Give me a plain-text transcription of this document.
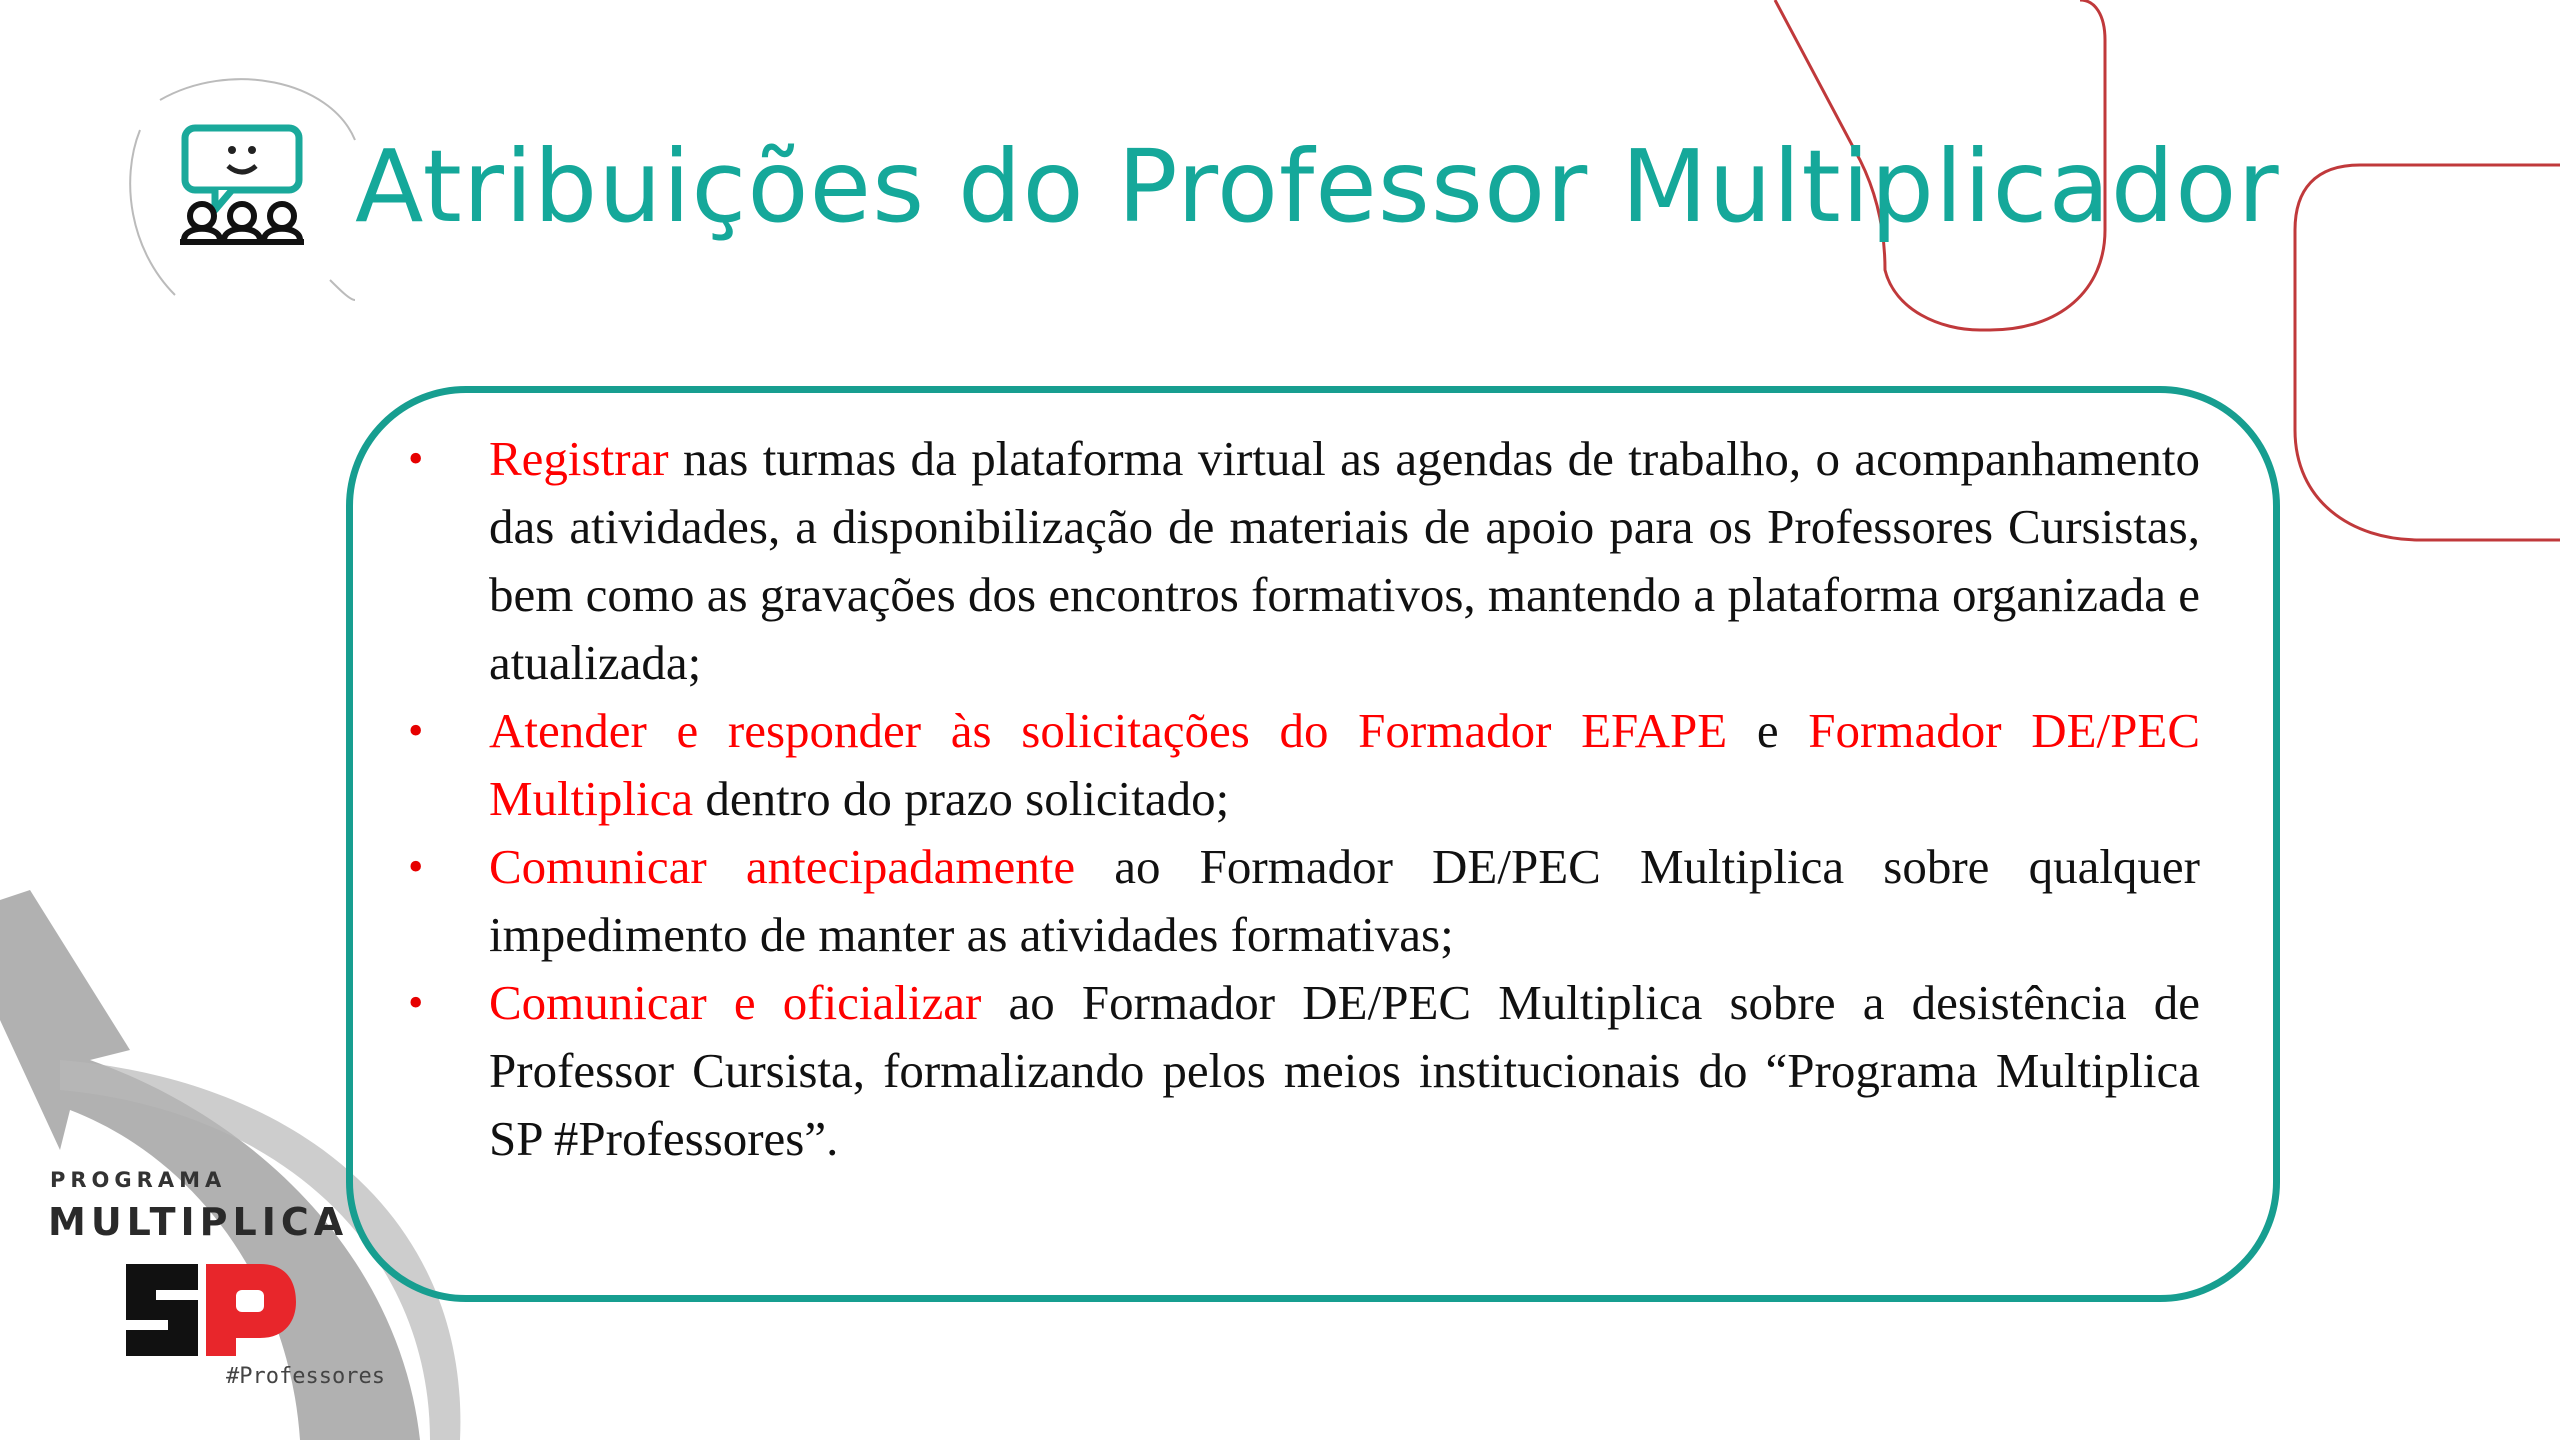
Atribuições do Professor Multiplicador
• Registrar nas turmas da plataforma virtual as agendas de trabalho, o acompanhamento das atividades, a disponibilização de materiais de apoio para os Professores Cursistas, bem como as gravações dos encontros formativos, mantendo a plataforma organizada e atualizada;
• Atender e responder às solicitações do Formador EFAPE e Formador DE/PEC Multiplica dentro do prazo solicitado;
• Comunicar antecipadamente ao Formador DE/PEC Multiplica sobre qualquer impedimento de manter as atividades formativas;
• Comunicar e oficializar ao Formador DE/PEC Multiplica sobre a desistência de Professor Cursista, formalizando pelos meios institucionais do “Programa Multiplica SP #Professores”.
PROGRAMA
MULTIPLICA
#Professores
